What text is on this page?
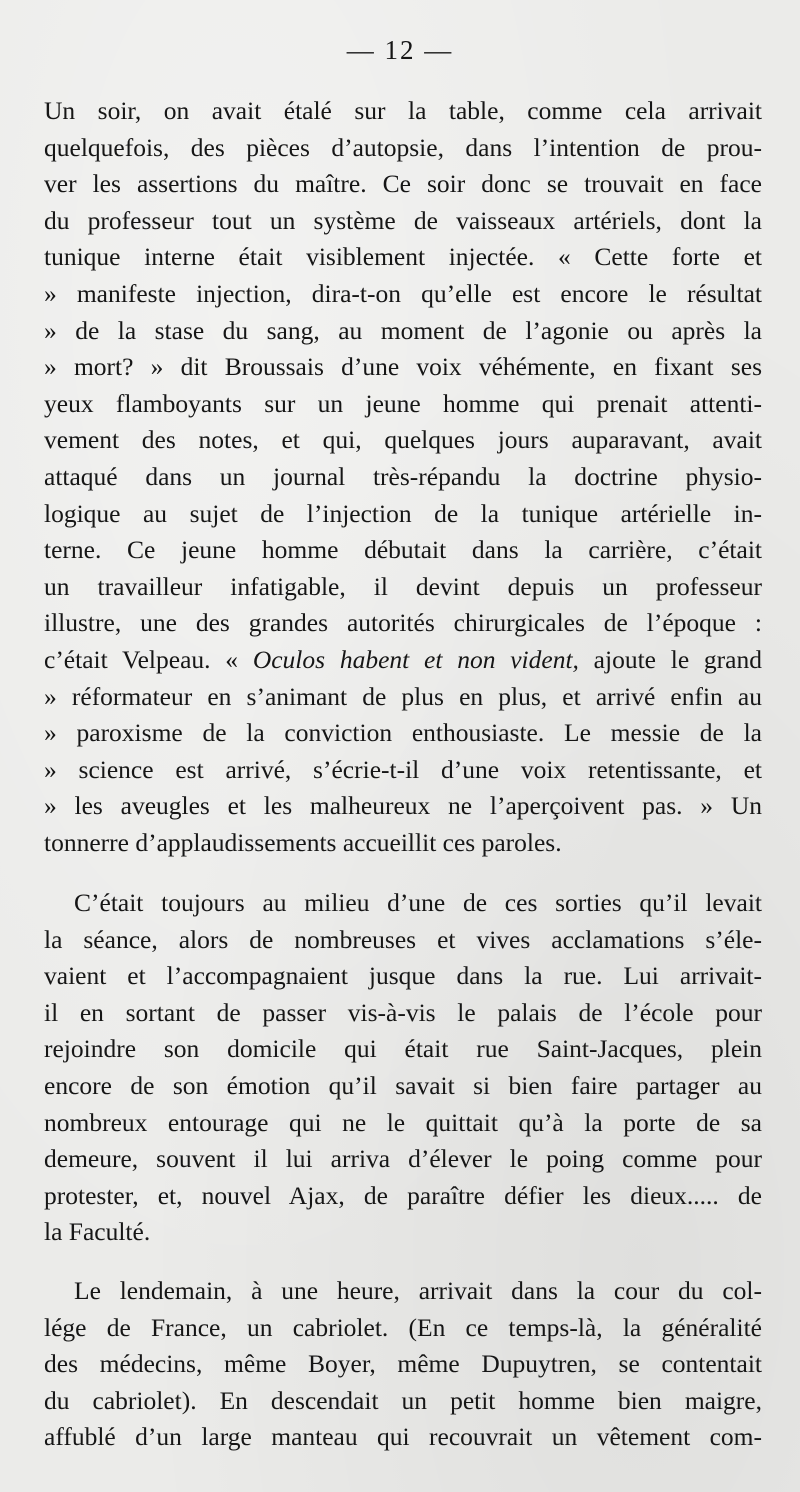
— 12 —
Un soir, on avait étalé sur la table, comme cela arrivait
quelquefois, des pièces d’autopsie, dans l’intention de prou-
ver les assertions du maître. Ce soir donc se trouvait en face
du professeur tout un système de vaisseaux artériels, dont la
tunique interne était visiblement injectée. « Cette forte et
» manifeste injection, dira-t-on qu’elle est encore le résultat
» de la stase du sang, au moment de l’agonie ou après la
» mort? » dit Broussais d’une voix véhémente, en fixant ses
yeux flamboyants sur un jeune homme qui prenait attenti-
vement des notes, et qui, quelques jours auparavant, avait
attaqué dans un journal très-répandu la doctrine physio-
logique au sujet de l’injection de la tunique artérielle in-
terne. Ce jeune homme débutait dans la carrière, c’était
un travailleur infatigable, il devint depuis un professeur
illustre, une des grandes autorités chirurgicales de l’époque :
c’était Velpeau. « Oculos habent et non vident, ajoute le grand
» réformateur en s’animant de plus en plus, et arrivé enfin au
» paroxisme de la conviction enthousiaste. Le messie de la
» science est arrivé, s’écrie-t-il d’une voix retentissante, et
» les aveugles et les malheureux ne l’aperçoivent pas. » Un
tonnerre d’applaudissements accueillit ces paroles.
C’était toujours au milieu d’une de ces sorties qu’il levait
la séance, alors de nombreuses et vives acclamations s’éle-
vaient et l’accompagnaient jusque dans la rue. Lui arrivait-
il en sortant de passer vis-à-vis le palais de l’école pour
rejoindre son domicile qui était rue Saint-Jacques, plein
encore de son émotion qu’il savait si bien faire partager au
nombreux entourage qui ne le quittait qu’à la porte de sa
demeure, souvent il lui arriva d’élever le poing comme pour
protester, et, nouvel Ajax, de paraître défier les dieux..... de
la Faculté.
Le lendemain, à une heure, arrivait dans la cour du col-
lége de France, un cabriolet. (En ce temps-là, la généralité
des médecins, même Boyer, même Dupuytren, se contentait
du cabriolet). En descendait un petit homme bien maigre,
affublé d’un large manteau qui recouvrait un vêtement com-
